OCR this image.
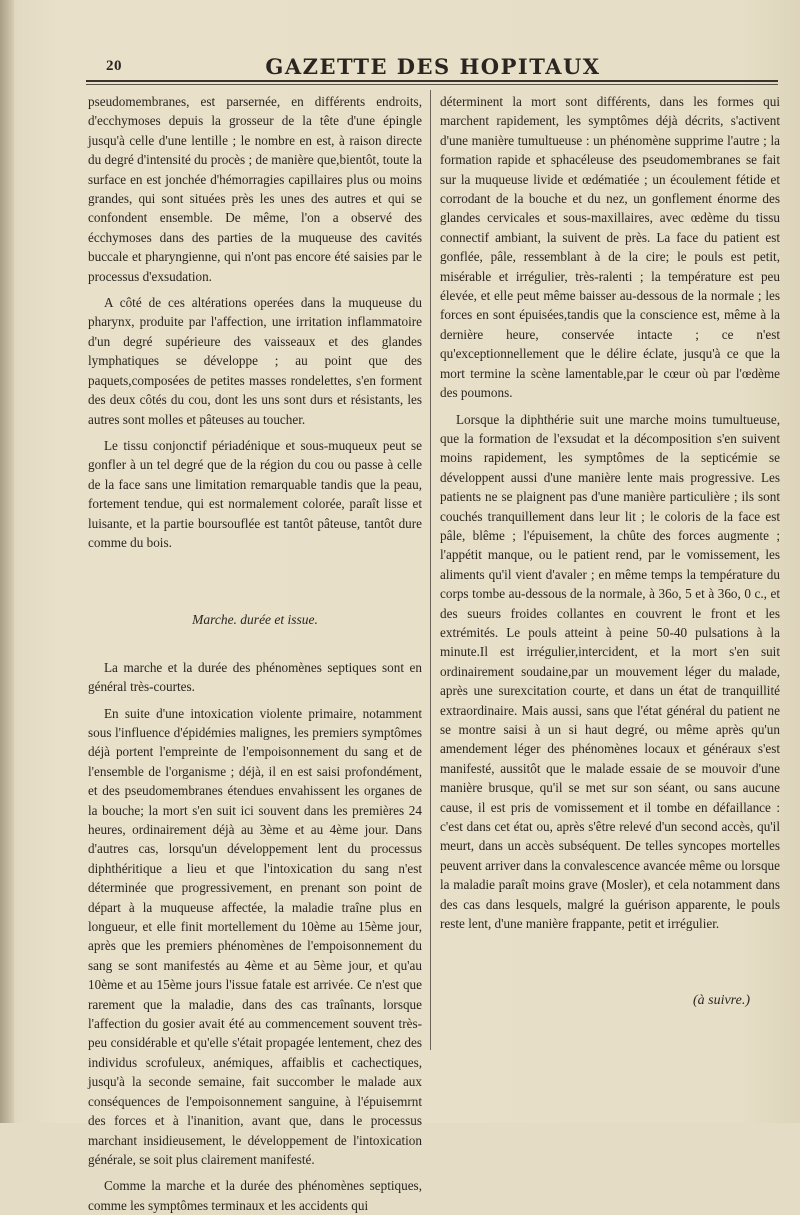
20	GAZETTE DES HOPITAUX

pseudomembranes, est parsernée, en différents endroits, d'ecchymoses depuis la grosseur de la tête d'une épingle jusqu'à celle d'une lentille ; le nombre en est, à raison directe du degré d'intensité du procès ; de manière que,bientôt, toute la surface en est jonchée d'hémorragies capillaires plus ou moins grandes, qui sont situées près les unes des autres et qui se confondent ensemble. De même, l'on a observé des écchymoses dans des parties de la muqueuse des cavités buccale et pharyngienne, qui n'ont pas encore été saisies par le processus d'exsudation.

A côté de ces altérations operées dans la muqueuse du pharynx, produite par l'affection, une irritation inflammatoire d'un degré supérieure des vaisseaux et des glandes lymphatiques se développe ; au point que des paquets,composées de petites masses rondelettes, s'en forment des deux côtés du cou, dont les uns sont durs et résistants, les autres sont molles et pâteuses au toucher.

Le tissu conjonctif périadénique et sous-muqueux peut se gonfler à un tel degré que de la région du cou ou passe à celle de la face sans une limitation remarquable tandis que la peau, fortement tendue, qui est normalement colorée, paraît lisse et luisante, et la partie boursouflée est tantôt pâteuse, tantôt dure comme du bois.

Marche. durée et issue.

La marche et la durée des phénomènes septiques sont en général très-courtes.

En suite d'une intoxication violente primaire, notamment sous l'influence d'épidémies malignes, les premiers symptômes déjà portent l'empreinte de l'empoisonnement du sang et de l'ensemble de l'organisme ; déjà, il en est saisi profondément, et des pseudomembranes étendues envahissent les organes de la bouche; la mort s'en suit ici souvent dans les premières 24 heures, ordinairement déjà au 3ème et au 4ème jour. Dans d'autres cas, lorsqu'un développement lent du processus diphthéritique a lieu et que l'intoxication du sang n'est déterminée que progressivement, en prenant son point de départ à la muqueuse affectée, la maladie traîne plus en longueur, et elle finit mortellement du 10ème au 15ème jour, après que les premiers phénomènes de l'empoisonnement du sang se sont manifestés au 4ème et au 5ème jour, et qu'au 10ème et au 15ème jours l'issue fatale est arrivée. Ce n'est que rarement que la maladie, dans des cas traînants, lorsque l'affection du gosier avait été au commencement souvent très-peu considérable et qu'elle s'était propagée lentement, chez des individus scrofuleux, anémiques, affaiblis et cachectiques, jusqu'à la seconde semaine, fait succomber le malade aux conséquences de l'empoisonnement sanguine, à l'épuisemrnt des forces et à l'inanition, avant que, dans le processus marchant insidieusement, le développement de l'intoxication générale, se soit plus clairement manifesté.

Comme la marche et la durée des phénomènes septiques, comme les symptômes terminaux et les accidents qui

déterminent la mort sont différents, dans les formes qui marchent rapidement, les symptômes déjà décrits, s'activent d'une manière tumultueuse : un phénomène supprime l'autre ; la formation rapide et sphacéleuse des pseudomembranes se fait sur la muqueuse livide et œdématiée ; un écoulement fétide et corrodant de la bouche et du nez, un gonflement énorme des glandes cervicales et sous-maxillaires, avec œdème du tissu connectif ambiant, la suivent de près. La face du patient est gonflée, pâle, ressemblant à de la cire; le pouls est petit, misérable et irrégulier, très-ralenti ; la température est peu élevée, et elle peut même baisser au-dessous de la normale ; les forces en sont épuisées,tandis que la conscience est, même à la dernière heure, conservée intacte ; ce n'est qu'exceptionnellement que le délire éclate, jusqu'à ce que la mort termine la scène lamentable,par le cœur où par l'œdème des poumons.

Lorsque la diphthérie suit une marche moins tumultueuse, que la formation de l'exsudat et la décomposition s'en suivent moins rapidement, les symptômes de la septicémie se développent aussi d'une manière lente mais progressive. Les patients ne se plaignent pas d'une manière particulière ; ils sont couchés tranquillement dans leur lit ; le coloris de la face est pâle, blême ; l'épuisement, la chûte des forces augmente ; l'appétit manque, ou le patient rend, par le vomissement, les aliments qu'il vient d'avaler ; en même temps la température du corps tombe au-dessous de la normale, à 36o, 5 et à 36o, 0 c., et des sueurs froides collantes en couvrent le front et les extrémités. Le pouls atteint à peine 50-40 pulsations à la minute.Il est irrégulier,intercident, et la mort s'en suit ordinairement soudaine,par un mouvement léger du malade, après une surexcitation courte, et dans un état de tranquillité extraordinaire. Mais aussi, sans que l'état général du patient ne se montre saisi à un si haut degré, ou même après qu'un amendement léger des phénomènes locaux et généraux s'est manifesté, aussitôt que le malade essaie de se mouvoir d'une manière brusque, qu'il se met sur son séant, ou sans aucune cause, il est pris de vomissement et il tombe en défaillance : c'est dans cet état ou, après s'être relevé d'un second accès, qu'il meurt, dans un accès subséquent. De telles syncopes mortelles peuvent arriver dans la convalescence avancée même ou lorsque la maladie paraît moins grave (Mosler), et cela notamment dans des cas dans lesquels, malgré la guérison apparente, le pouls reste lent, d'une manière frappante, petit et irrégulier.

(à suivre.)
